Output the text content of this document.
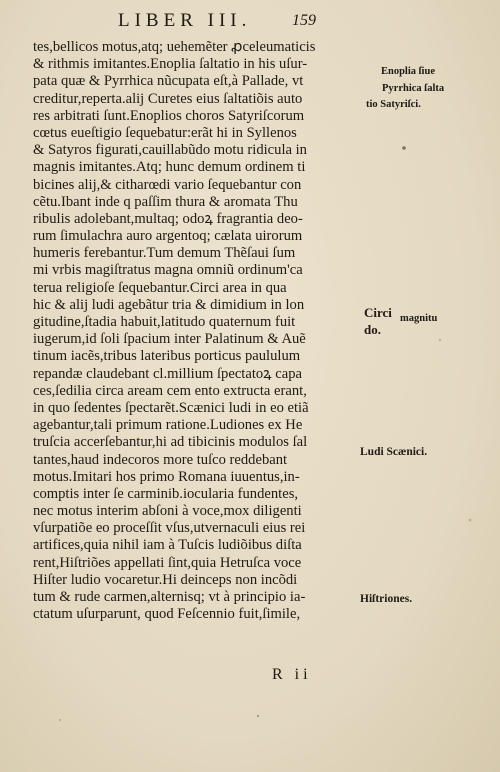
LIBER III.	159
tes,bellicos motus,atq; uehemẽter ꝓceleumaticis
& rithmis imitantes.Enoplia ſaltatio in his uſur-
pata quæ & Pyrrhica nũcupata eſt,à Pallade, vt
creditur,reperta.alij Curetes eius ſaltatiõis auto
res arbitrati ſunt.Enoplios choros Satyriſcorum
cœtus eueſtigio ſequebatur:erãt hi in Syllenos
& Satyros figurati,cauillabũdo motu ridicula in
magnis imitantes.Atq; hunc demum ordinem ti
bicines alij,& citharœdi vario ſequebantur con
cẽtu.Ibant inde q paſſim thura & aromata Thu
ribulis adolebant,multaq; odoꝝ fragrantia deo-
rum ſimulachra auro argentoq; cælata uirorum
humeris ferebantur.Tum demum Thẽſaui ſum
mi vrbis magiſtratus magna omniũ ordinum'ca
terua religioſe ſequebantur.Circi area in qua
hic & alij ludi agebãtur tria & dimidium in lon
gitudine,ſtadia habuit,latitudo quaternum fuit
iugerum,id ſoli ſpacium inter Palatinum & Auẽ
tinum iacẽs,tribus lateribus porticus paululum
repandæ claudebant cl.millium ſpectatoꝝ capa
ces,ſedilia circa aream cem ento extructa erant,
in quo ſedentes ſpectarẽt.Scænici ludi in eo etiã
agebantur,tali primum ratione.Ludiones ex He
truſcia accerſebantur,hi ad tibicinis modulos ſal
tantes,haud indecoros more tuſco reddebant
motus.Imitari hos primo Romana iuuentus,in-
comptis inter ſe carminib.iocularia fundentes,
nec motus interim abſoni à voce,mox diligenti
vſurpatiõe eo proceſſit vſus,utvernaculi eius rei
artifices,quia nihil iam à Tuſcis ludiõibus diſta
rent,Hiſtriões appellati ſint,quia Hetruſca voce
Hiſter ludio vocaretur.Hi deinceps non incõdi
tum & rude carmen,alternisq; vt à principio ia-
ctatum uſurparunt, quod Feſcennio fuit,ſimile,
Enoplia ſiue
Pyrrhica ſalta
tio Satyriſci.
Circi magnitu
do.
Ludi Scænici.
Hiſtriones.
R ii
